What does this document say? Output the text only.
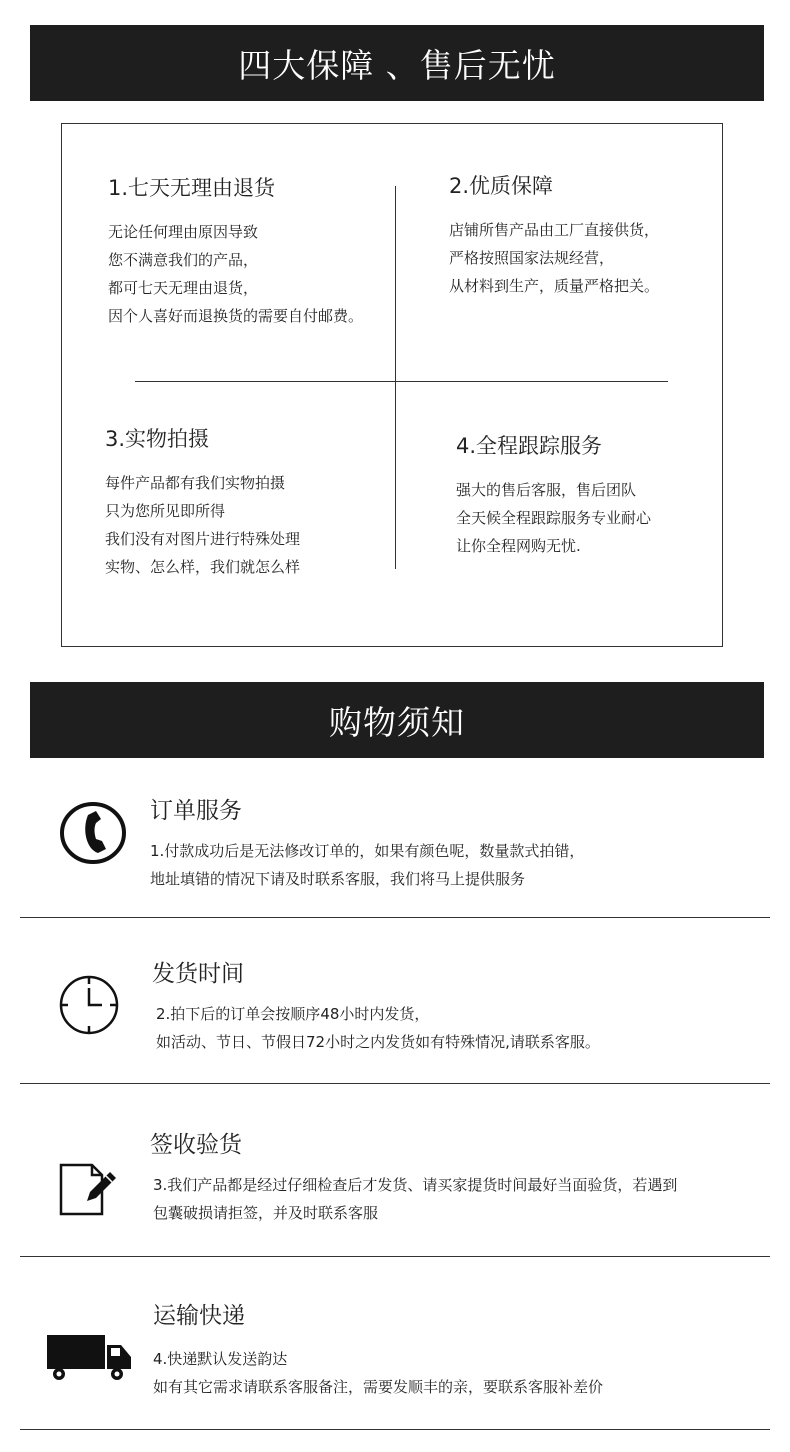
四大保障 、售后无忧
1.七天无理由退货
无论任何理由原因导致
您不满意我们的产品，
都可七天无理由退货，
因个人喜好而退换货的需要自付邮费。
2.优质保障
店铺所售产品由工厂直接供货，
严格按照国家法规经营，
从材料到生产，质量严格把关。
3.实物拍摄
每件产品都有我们实物拍摄
只为您所见即所得
我们没有对图片进行特殊处理
实物、怎么样，我们就怎么样
4.全程跟踪服务
强大的售后客服，售后团队
全天候全程跟踪服务专业耐心
让你全程网购无忧.
购物须知
订单服务
1.付款成功后是无法修改订单的，如果有颜色呢，数量款式拍错，
地址填错的情况下请及时联系客服，我们将马上提供服务
发货时间
2.拍下后的订单会按顺序48小时内发货，
如活动、节日、节假日72小时之内发货如有特殊情况,请联系客服。
签收验货
3.我们产品都是经过仔细检查后才发货、请买家提货时间最好当面验货，若遇到
包囊破损请拒签，并及时联系客服
运输快递
4.快递默认发送韵达
如有其它需求请联系客服备注，需要发顺丰的亲，要联系客服补差价
